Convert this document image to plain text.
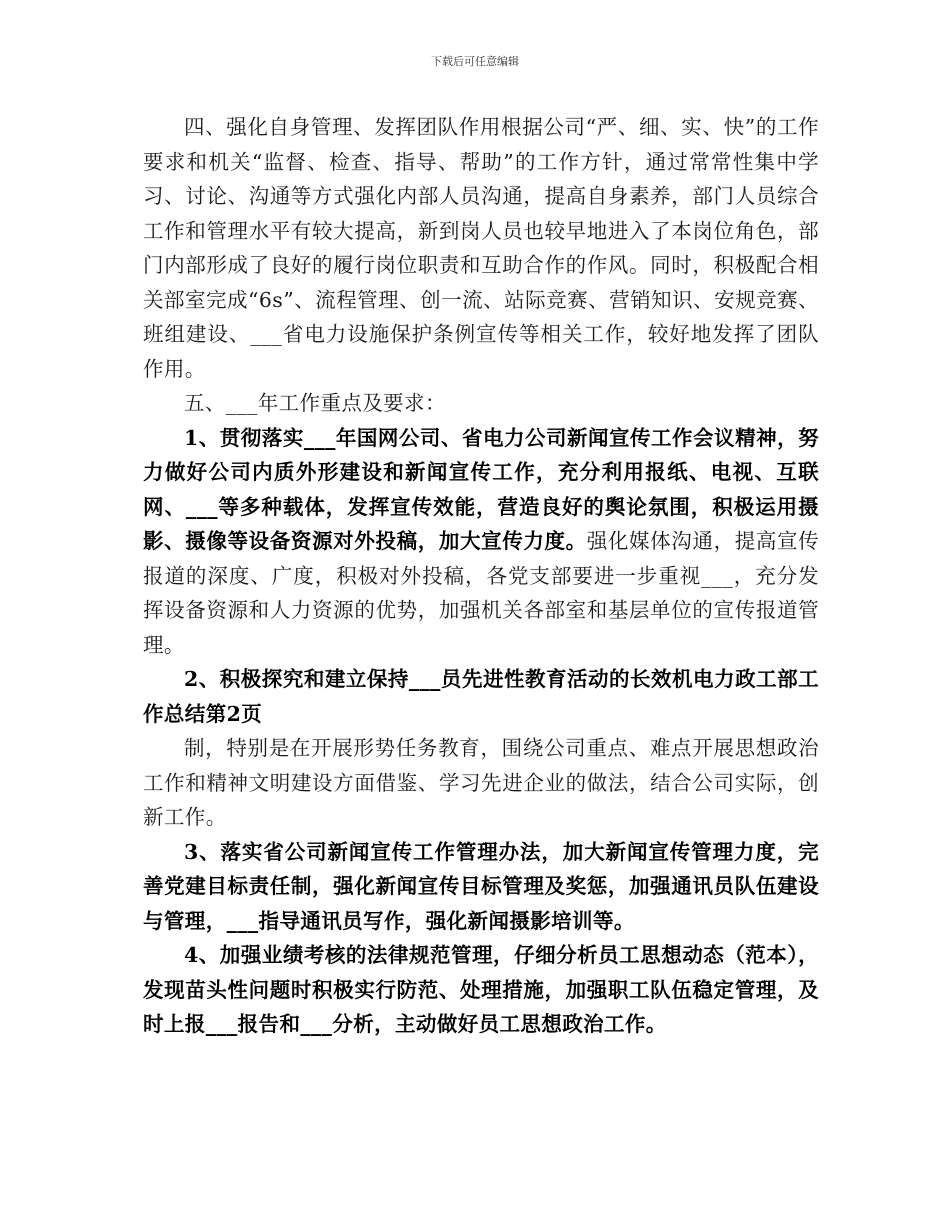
下载后可任意编辑

四、强化自身管理、发挥团队作用根据公司“严、细、实、快”的工作要求和机关“监督、检查、指导、帮助”的工作方针，通过常常性集中学习、讨论、沟通等方式强化内部人员沟通，提高自身素养，部门人员综合工作和管理水平有较大提高，新到岗人员也较早地进入了本岗位角色，部门内部形成了良好的履行岗位职责和互助合作的作风。同时，积极配合相关部室完成“6s”、流程管理、创一流、站际竞赛、营销知识、安规竞赛、班组建设、___省电力设施保护条例宣传等相关工作，较好地发挥了团队作用。

五、___年工作重点及要求：

1、贯彻落实___年国网公司、省电力公司新闻宣传工作会议精神，努力做好公司内质外形建设和新闻宣传工作，充分利用报纸、电视、互联网、___等多种载体，发挥宣传效能，营造良好的舆论氛围，积极运用摄影、摄像等设备资源对外投稿，加大宣传力度。强化媒体沟通，提高宣传报道的深度、广度，积极对外投稿，各党支部要进一步重视___，充分发挥设备资源和人力资源的优势，加强机关各部室和基层单位的宣传报道管理。

2、积极探究和建立保持___员先进性教育活动的长效机电力政工部工作总结第2页

制，特别是在开展形势任务教育，围绕公司重点、难点开展思想政治工作和精神文明建设方面借鉴、学习先进企业的做法，结合公司实际，创新工作。

3、落实省公司新闻宣传工作管理办法，加大新闻宣传管理力度，完善党建目标责任制，强化新闻宣传目标管理及奖惩，加强通讯员队伍建设与管理，___指导通讯员写作，强化新闻摄影培训等。

4、加强业绩考核的法律规范管理，仔细分析员工思想动态（范本），发现苗头性问题时积极实行防范、处理措施，加强职工队伍稳定管理，及时上报___报告和___分析，主动做好员工思想政治工作。
